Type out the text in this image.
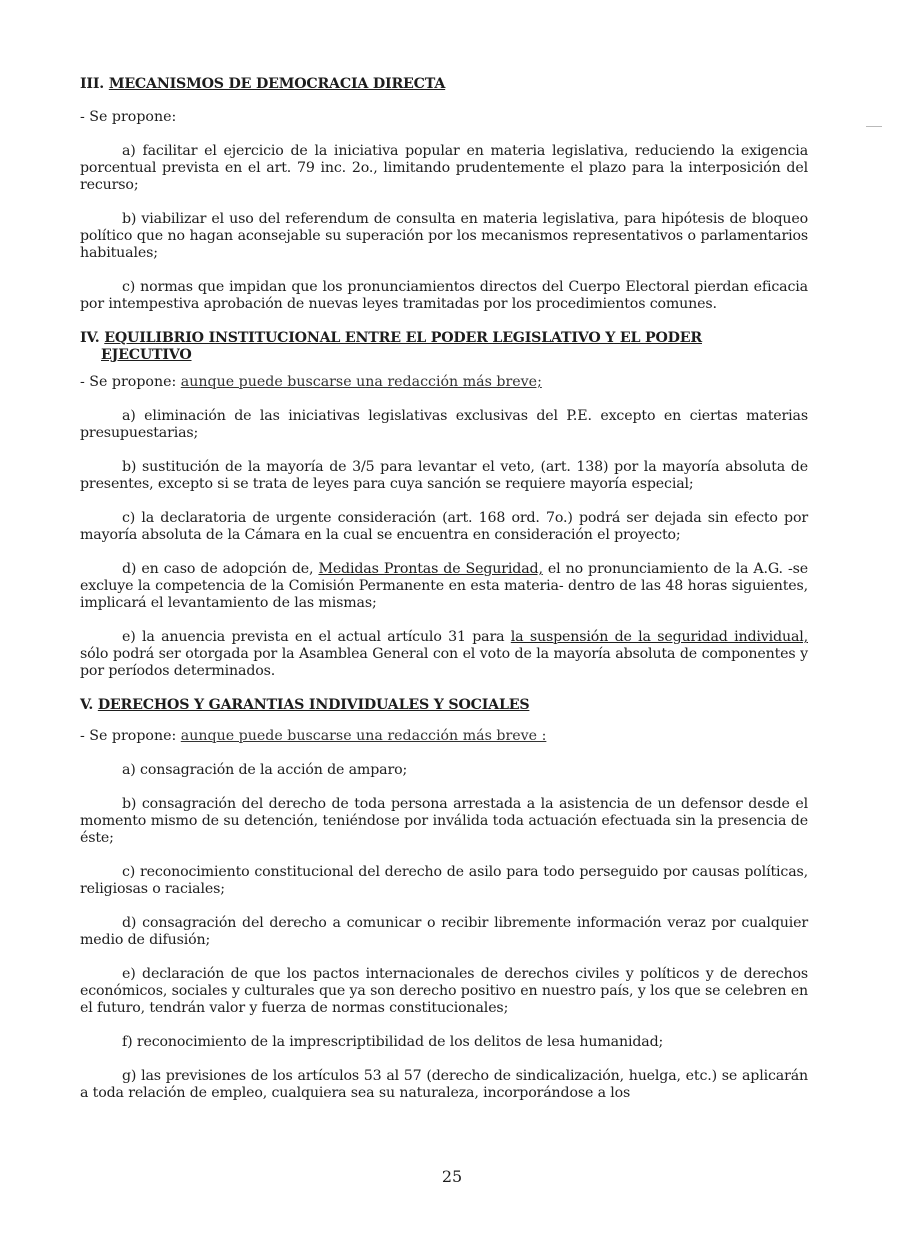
III. MECANISMOS DE DEMOCRACIA DIRECTA

- Se propone:

a) facilitar el ejercicio de la iniciativa popular en materia legislativa, reduciendo la exigencia porcentual prevista en el art. 79 inc. 2o., limitando prudentemente el plazo para la interposición del recurso;

b) viabilizar el uso del referendum de consulta en materia legislativa, para hipótesis de bloqueo político que no hagan aconsejable su superación por los mecanismos representativos o parlamentarios habituales;

c) normas que impidan que los pronunciamientos directos del Cuerpo Electoral pierdan eficacia por intempestiva aprobación de nuevas leyes tramitadas por los procedimientos comunes.

IV. EQUILIBRIO INSTITUCIONAL ENTRE EL PODER LEGISLATIVO Y EL PODER
EJECUTIVO

- Se propone: aunque puede buscarse una redacción más breve;

a) eliminación de las iniciativas legislativas exclusivas del P.E. excepto en ciertas materias presupuestarias;

b) sustitución de la mayoría de 3/5 para levantar el veto, (art. 138) por la mayoría absoluta de presentes, excepto si se trata de leyes para cuya sanción se requiere mayoría especial;

c) la declaratoria de urgente consideración (art. 168 ord. 7o.) podrá ser dejada sin efecto por mayoría absoluta de la Cámara en la cual se encuentra en consideración el proyecto;

d) en caso de adopción de, Medidas Prontas de Seguridad, el no pronunciamiento de la A.G. -se excluye la competencia de la Comisión Permanente en esta materia- dentro de las 48 horas siguientes, implicará el levantamiento de las mismas;

e) la anuencia prevista en el actual artículo 31 para la suspensión de la seguridad individual, sólo podrá ser otorgada por la Asamblea General con el voto de la mayoría absoluta de componentes y por períodos determinados.

V. DERECHOS Y GARANTIAS INDIVIDUALES Y SOCIALES

- Se propone: aunque puede buscarse una redacción más breve :

a) consagración de la acción de amparo;

b) consagración del derecho de toda persona arrestada a la asistencia de un defensor desde el momento mismo de su detención, teniéndose por inválida toda actuación efectuada sin la presencia de éste;

c) reconocimiento constitucional del derecho de asilo para todo perseguido por causas políticas, religiosas o raciales;

d) consagración del derecho a comunicar o recibir libremente información veraz por cualquier medio de difusión;

e) declaración de que los pactos internacionales de derechos civiles y políticos y de derechos económicos, sociales y culturales que ya son derecho positivo en nuestro país, y los que se celebren en el futuro, tendrán valor y fuerza de normas constitucionales;

f) reconocimiento de la imprescriptibilidad de los delitos de lesa humanidad;

g) las previsiones de los artículos 53 al 57 (derecho de sindicalización, huelga, etc.) se aplicarán a toda relación de empleo, cualquiera sea su naturaleza, incorporándose a los

25
